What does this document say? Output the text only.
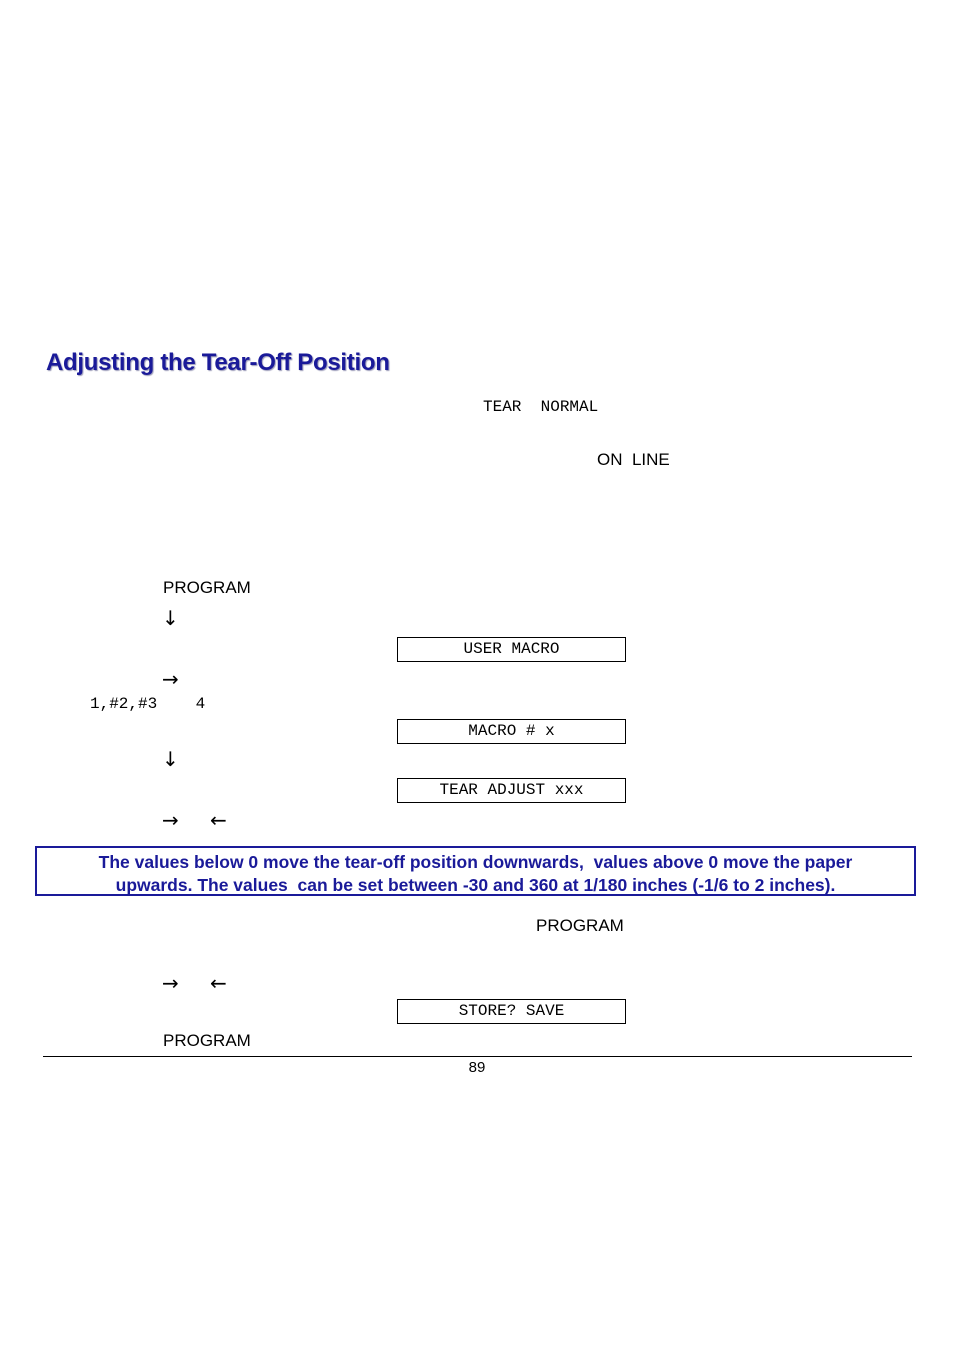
Adjusting the Tear-Off Position
TEAR  NORMAL
ON  LINE
PROGRAM
↓
USER MACRO
→
1,#2,#3    4
MACRO # x
↓
TEAR ADJUST xxx
→ ←
The values below 0 move the tear-off position downwards,  values above 0 move the paper
upwards. The values  can be set between -30 and 360 at 1/180 inches (-1/6 to 2 inches).
PROGRAM
→ ←
STORE? SAVE
PROGRAM
89
